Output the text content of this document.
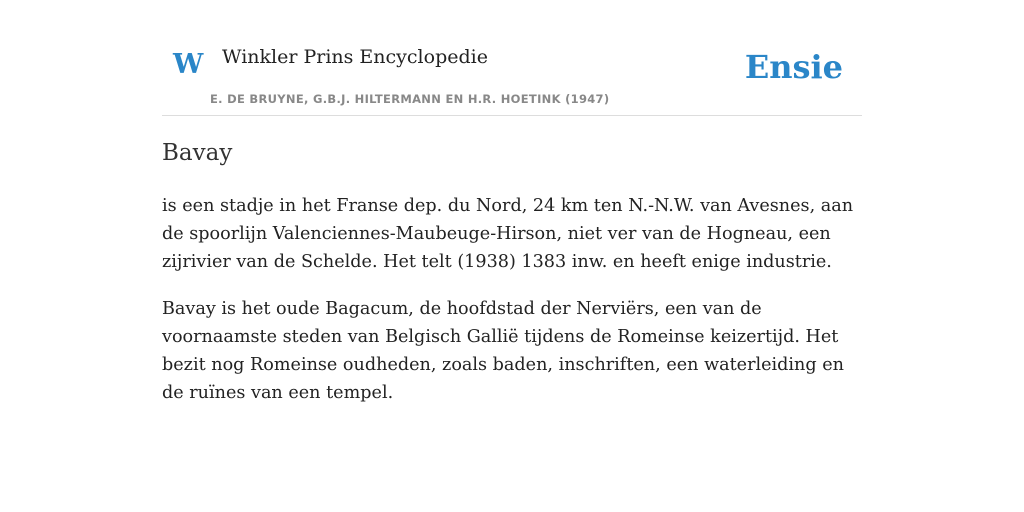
W Winkler Prins Encyclopedie	Ensie
E. DE BRUYNE, G.B.J. HILTERMANN EN H.R. HOETINK (1947)
Bavay

is een stadje in het Franse dep. du Nord, 24 km ten N.-N.W. van Avesnes, aan de spoorlijn Valenciennes-Maubeuge-Hirson, niet ver van de Hogneau, een zijrivier van de Schelde. Het telt (1938) 1383 inw. en heeft enige industrie.

Bavay is het oude Bagacum, de hoofdstad der Nerviërs, een van de voornaamste steden van Belgisch Gallië tijdens de Romeinse keizertijd. Het bezit nog Romeinse oudheden, zoals baden, inschriften, een waterleiding en de ruïnes van een tempel.
